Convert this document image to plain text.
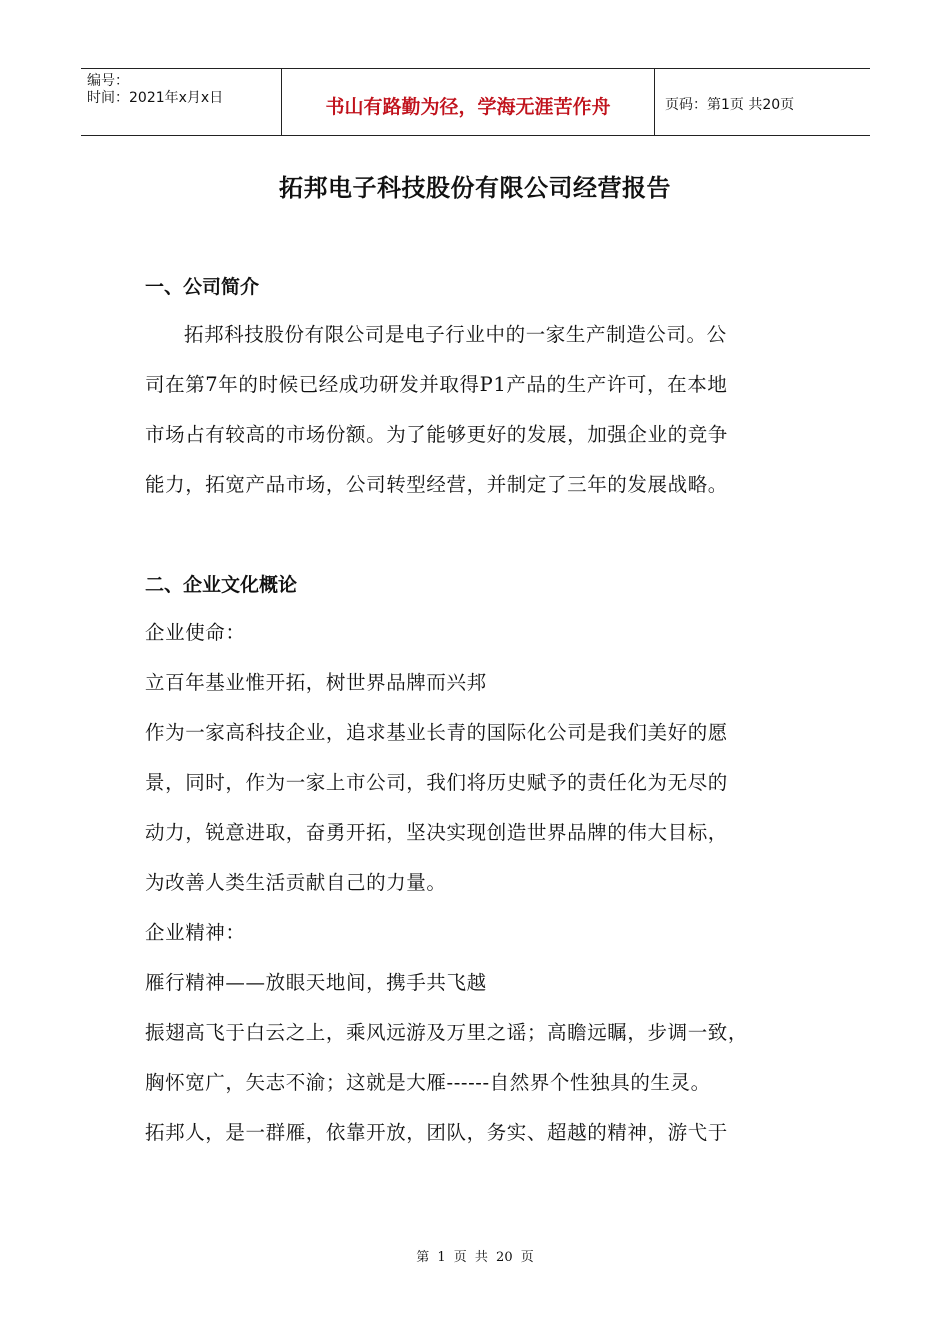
编号：
时间：2021年x月x日	书山有路勤为径，学海无涯苦作舟	页码：第1页 共20页
拓邦电子科技股份有限公司经营报告
一、公司简介
拓邦科技股份有限公司是电子行业中的一家生产制造公司。公
司在第7年的时候已经成功研发并取得P1产品的生产许可，在本地
市场占有较高的市场份额。为了能够更好的发展，加强企业的竞争
能力，拓宽产品市场，公司转型经营，并制定了三年的发展战略。
二、企业文化概论
企业使命：
立百年基业惟开拓，树世界品牌而兴邦
作为一家高科技企业，追求基业长青的国际化公司是我们美好的愿
景，同时，作为一家上市公司，我们将历史赋予的责任化为无尽的
动力，锐意进取，奋勇开拓，坚决实现创造世界品牌的伟大目标，
为改善人类生活贡献自己的力量。
企业精神：
雁行精神——放眼天地间，携手共飞越
振翅高飞于白云之上，乘风远游及万里之谣；高瞻远瞩，步调一致，
胸怀宽广，矢志不渝；这就是大雁------自然界个性独具的生灵。
拓邦人，是一群雁，依靠开放，团队，务实、超越的精神，游弋于
第 1 页 共 20 页
